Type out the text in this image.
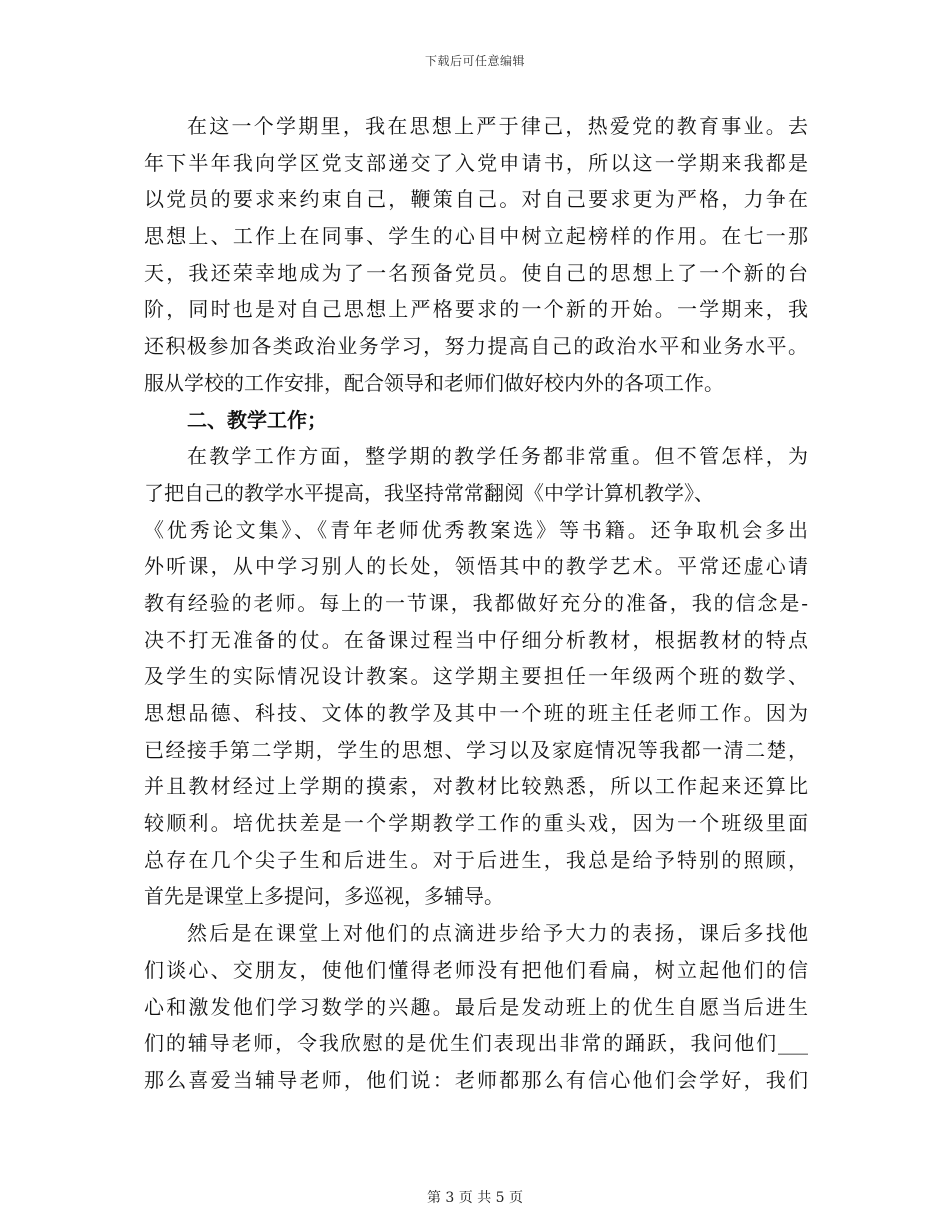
下载后可任意编辑
在这一个学期里，我在思想上严于律己，热爱党的教育事业。去
年下半年我向学区党支部递交了入党申请书，所以这一学期来我都是
以党员的要求来约束自己，鞭策自己。对自己要求更为严格，力争在
思想上、工作上在同事、学生的心目中树立起榜样的作用。在七一那
天，我还荣幸地成为了一名预备党员。使自己的思想上了一个新的台
阶，同时也是对自己思想上严格要求的一个新的开始。一学期来，我
还积极参加各类政治业务学习，努力提高自己的政治水平和业务水平。
服从学校的工作安排，配合领导和老师们做好校内外的各项工作。
二、教学工作；
在教学工作方面，整学期的教学任务都非常重。但不管怎样，为
了把自己的教学水平提高，我坚持常常翻阅《中学计算机教学》、
《优秀论文集》、《青年老师优秀教案选》等书籍。还争取机会多出
外听课，从中学习别人的长处，领悟其中的教学艺术。平常还虚心请
教有经验的老师。每上的一节课，我都做好充分的准备，我的信念是-
决不打无准备的仗。在备课过程当中仔细分析教材，根据教材的特点
及学生的实际情况设计教案。这学期主要担任一年级两个班的数学、
思想品德、科技、文体的教学及其中一个班的班主任老师工作。因为
已经接手第二学期，学生的思想、学习以及家庭情况等我都一清二楚，
并且教材经过上学期的摸索，对教材比较熟悉，所以工作起来还算比
较顺利。培优扶差是一个学期教学工作的重头戏，因为一个班级里面
总存在几个尖子生和后进生。对于后进生，我总是给予特别的照顾，
首先是课堂上多提问，多巡视，多辅导。
然后是在课堂上对他们的点滴进步给予大力的表扬，课后多找他
们谈心、交朋友，使他们懂得老师没有把他们看扁，树立起他们的信
心和激发他们学习数学的兴趣。最后是发动班上的优生自愿当后进生
们的辅导老师，令我欣慰的是优生们表现出非常的踊跃，我问他们___
那么喜爱当辅导老师，他们说：老师都那么有信心他们会学好，我们
第 3 页 共 5 页
